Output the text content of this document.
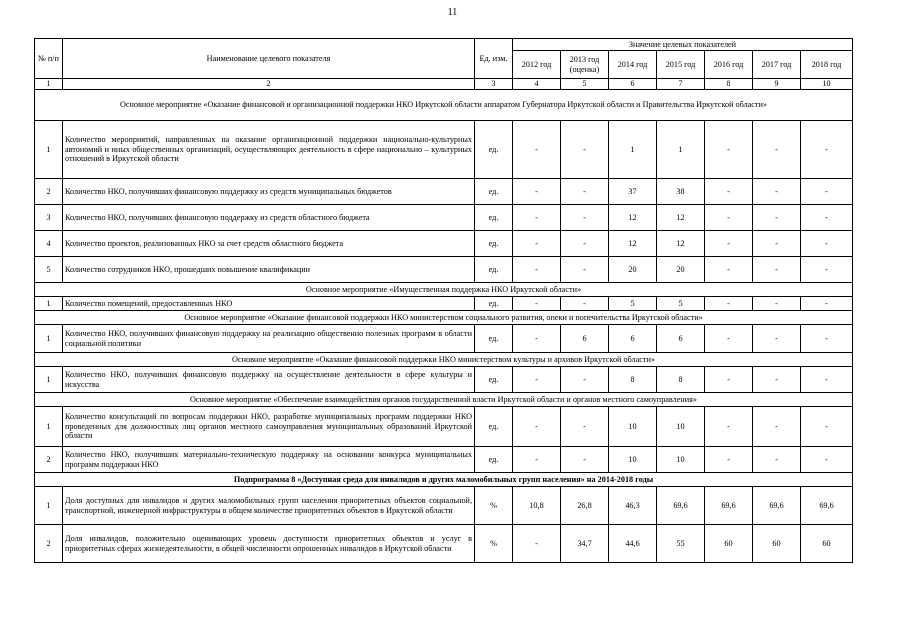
11
№ п/п	Наименование целевого показателя	Ед. изм.	Значение целевых показателей						
			2012 год	2013 год (оценка)	2014 год	2015 год	2016 год	2017 год	2018 год
1	2	3	4	5	6	7	8	9	10
Основное мероприятие «Оказание финансовой и организационной поддержки НКО Иркутской области аппаратом Губернатора Иркутской области и Правительства Иркутской области»									
1	Количество мероприятий, направленных на оказание организационной поддержки национально-культурных автономий и иных общественных организаций, осуществляющих деятельность в сфере национально – культурных отношений в Иркутской области	ед.	-	-	1	1	-	-	-
2	Количество НКО, получивших финансовую поддержку из средств муниципальных бюджетов	ед.	-	-	37	38	-	-	-
3	Количество НКО, получивших финансовую поддержку из средств областного бюджета	ед.	-	-	12	12	-	-	-
4	Количество проектов, реализованных НКО за счет средств областного бюджета	ед.	-	-	12	12	-	-	-
5	Количество сотрудников НКО, прошедших повышение квалификации	ед.	-	-	20	20	-	-	-
Основное мероприятие «Имущественная поддержка НКО Иркутской области»									
1	Количество помещений, предоставленных НКО	ед.	-	-	5	5	-	-	-
Основное мероприятие «Оказание финансовой поддержки НКО министерством социального развития, опеки и попечительства Иркутской области»									
1	Количество НКО, получивших финансовую поддержку на реализацию общественно полезных программ в области социальной политики	ед.	-	6	6	6	-	-	-
Основное мероприятие «Оказание финансовой поддержки НКО министерством культуры и архивов Иркутской области»									
1	Количество НКО, получивших финансовую поддержку на осуществление деятельности в сфере культуры и искусства	ед.	-	-	8	8	-	-	-
Основное мероприятие «Обеспечение взаимодействия органов государственной власти Иркутской области и органов местного самоуправления»									
1	Количество консультаций по вопросам поддержки НКО, разработке муниципальных программ поддержки НКО проведенных для должностных лиц органов местного самоуправления муниципальных образований Иркутской области	ед.	-	-	10	10	-	-	-
2	Количество НКО, получивших материально-техническую поддержку на основании конкурса муниципальных программ поддержки НКО	ед.	-	-	10	10	-	-	-
Подпрограмма 8 «Доступная среда для инвалидов и других маломобильных групп населения» на 2014-2018 годы									
1	Доля доступных для инвалидов и других маломобильных групп населения приоритетных объектов социальной, транспортной, инженерной инфраструктуры в общем количестве приоритетных объектов в Иркутской области	%	10,8	26,8	46,3	69,6	69,6	69,6	69,6
2	Доля инвалидов, положительно оценивающих уровень доступности приоритетных объектов и услуг в приоритетных сферах жизнедеятельности, в общей численности опрошенных инвалидов в Иркутской области	%	-	34,7	44,6	55	60	60	60
